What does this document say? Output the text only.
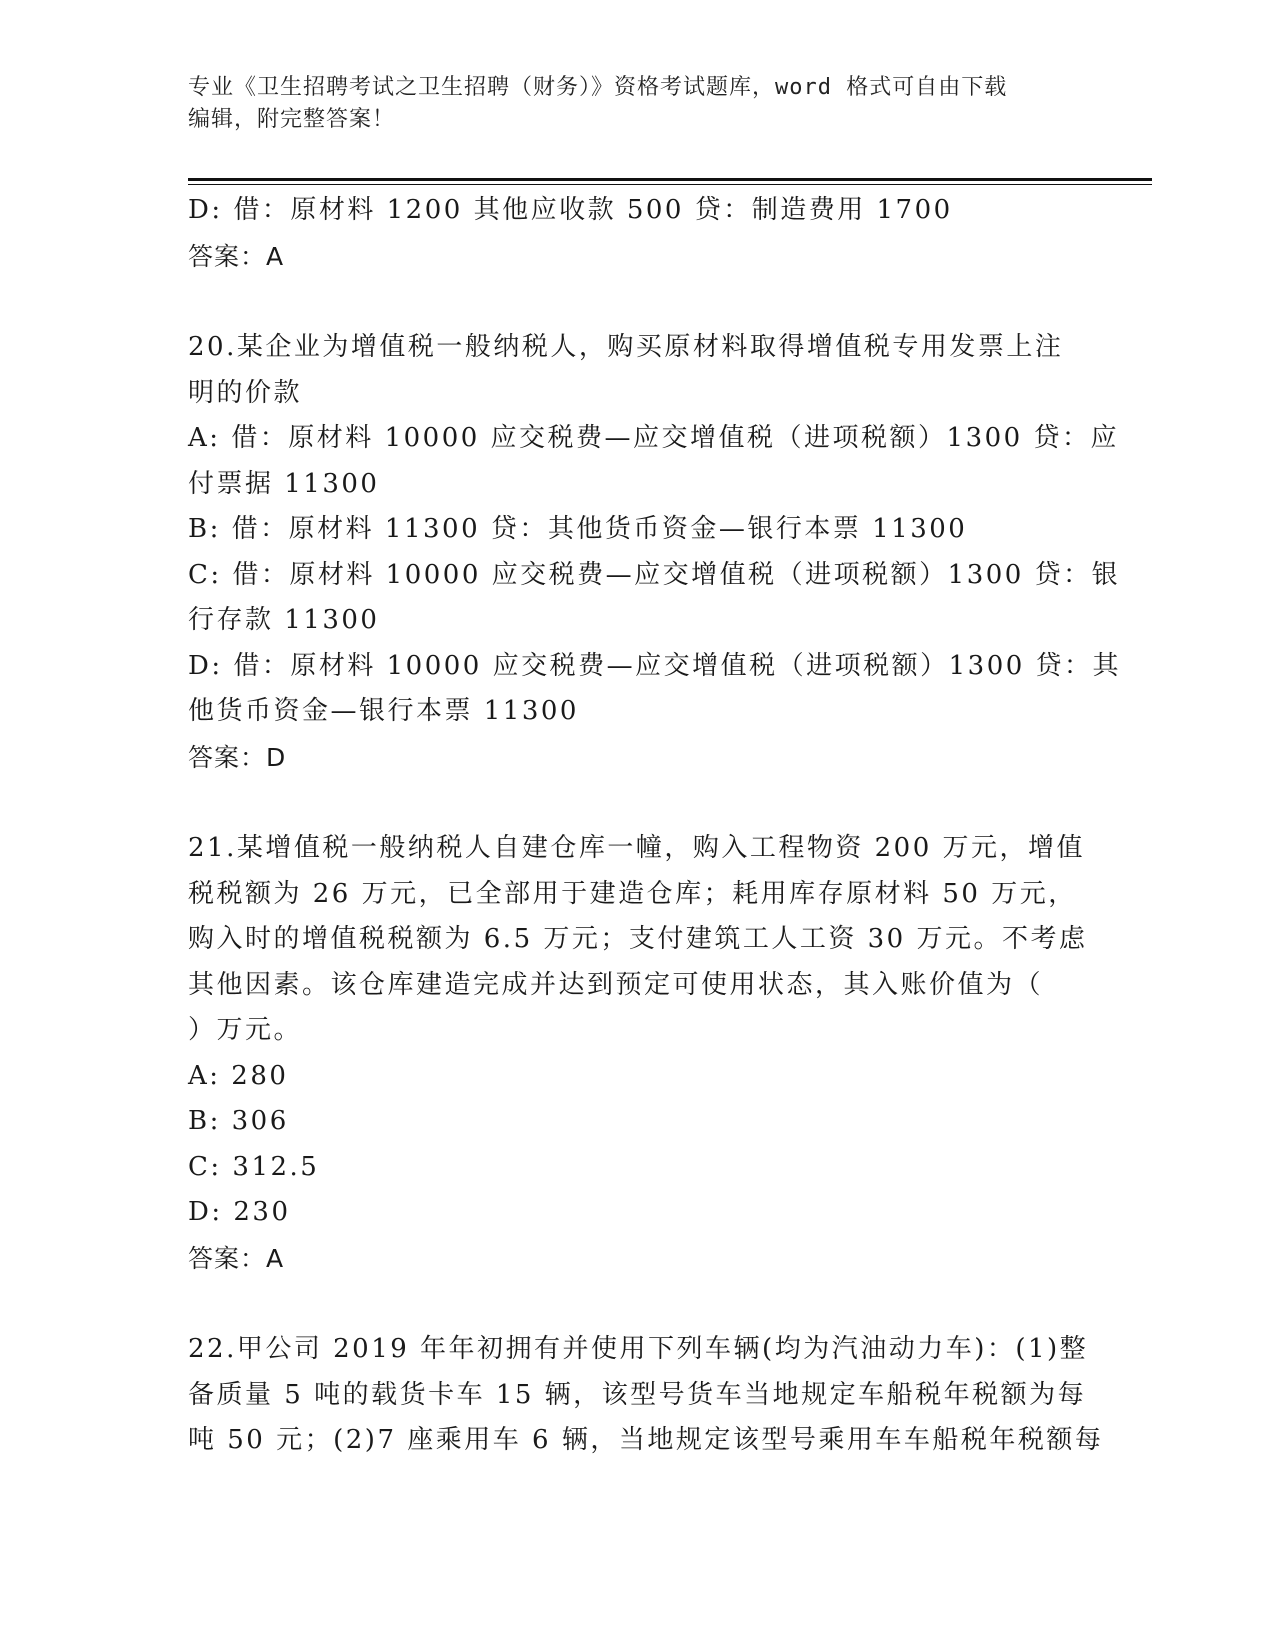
专业《卫生招聘考试之卫生招聘（财务）》资格考试题库，word 格式可自由下载
编辑，附完整答案！
D: 借：原材料 1200 其他应收款 500 贷：制造费用 1700
答案：A
20.某企业为增值税一般纳税人，购买原材料取得增值税专用发票上注
明的价款
A: 借：原材料 10000 应交税费—应交增值税（进项税额）1300 贷：应
付票据 11300
B: 借：原材料 11300 贷：其他货币资金—银行本票 11300
C: 借：原材料 10000 应交税费—应交增值税（进项税额）1300 贷：银
行存款 11300
D: 借：原材料 10000 应交税费—应交增值税（进项税额）1300 贷：其
他货币资金—银行本票 11300
答案：D
21.某增值税一般纳税人自建仓库一幢，购入工程物资 200 万元，增值
税税额为 26 万元，已全部用于建造仓库；耗用库存原材料 50 万元，
购入时的增值税税额为 6.5 万元；支付建筑工人工资 30 万元。不考虑
其他因素。该仓库建造完成并达到预定可使用状态，其入账价值为（
）万元。
A: 280
B: 306
C: 312.5
D: 230
答案：A
22.甲公司 2019 年年初拥有并使用下列车辆(均为汽油动力车)：(1)整
备质量 5 吨的载货卡车 15 辆，该型号货车当地规定车船税年税额为每
吨 50 元；(2)7 座乘用车 6 辆，当地规定该型号乘用车车船税年税额每
